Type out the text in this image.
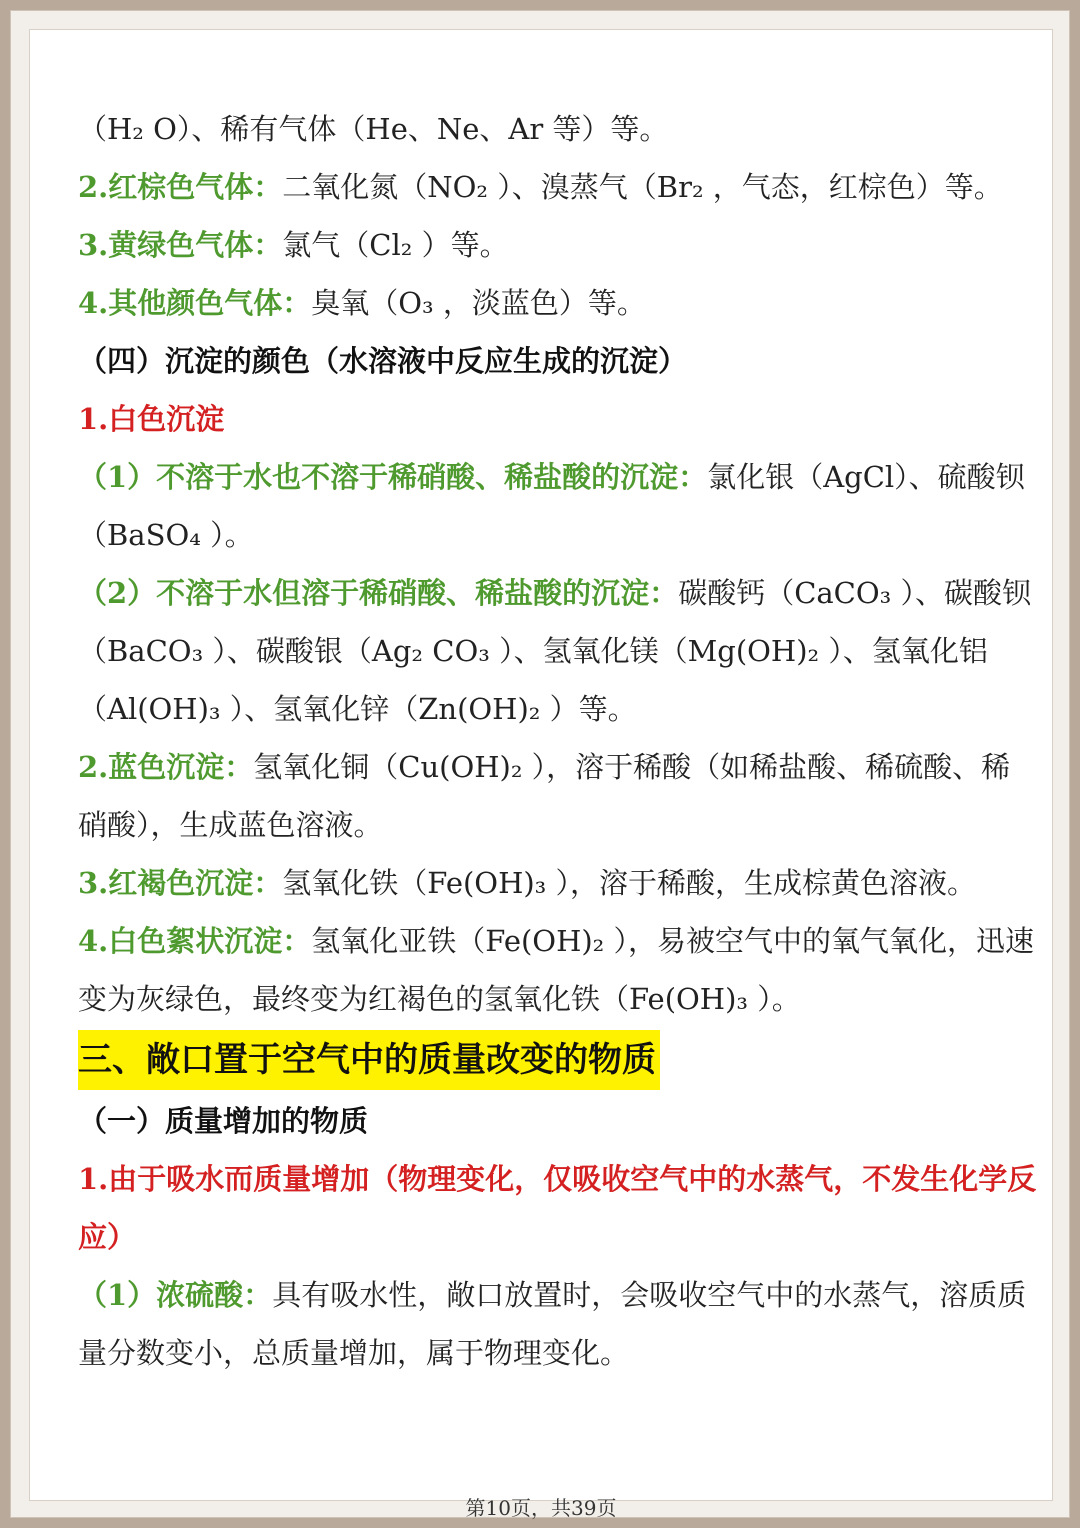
（H₂ O）、稀有气体（He、Ne、Ar 等）等。

2.红棕色气体：二氧化氮（NO₂ ）、溴蒸气（Br₂ ，气态，红棕色）等。

3.黄绿色气体：氯气（Cl₂ ）等。

4.其他颜色气体：臭氧（O₃ ，淡蓝色）等。

（四）沉淀的颜色（水溶液中反应生成的沉淀）

1.白色沉淀

（1）不溶于水也不溶于稀硝酸、稀盐酸的沉淀：氯化银（AgCl）、硫酸钡（BaSO₄ ）。

（2）不溶于水但溶于稀硝酸、稀盐酸的沉淀：碳酸钙（CaCO₃ ）、碳酸钡（BaCO₃ ）、碳酸银（Ag₂ CO₃ ）、氢氧化镁（Mg(OH)₂ ）、氢氧化铝（Al(OH)₃ ）、氢氧化锌（Zn(OH)₂ ）等。

2.蓝色沉淀：氢氧化铜（Cu(OH)₂ ），溶于稀酸（如稀盐酸、稀硫酸、稀硝酸），生成蓝色溶液。

3.红褐色沉淀：氢氧化铁（Fe(OH)₃ ），溶于稀酸，生成棕黄色溶液。

4.白色絮状沉淀：氢氧化亚铁（Fe(OH)₂ ），易被空气中的氧气氧化，迅速变为灰绿色，最终变为红褐色的氢氧化铁（Fe(OH)₃ ）。

三、敞口置于空气中的质量改变的物质

（一）质量增加的物质

1.由于吸水而质量增加（物理变化，仅吸收空气中的水蒸气，不发生化学反应）

（1）浓硫酸：具有吸水性，敞口放置时，会吸收空气中的水蒸气，溶质质量分数变小，总质量增加，属于物理变化。

第10页，共39页
